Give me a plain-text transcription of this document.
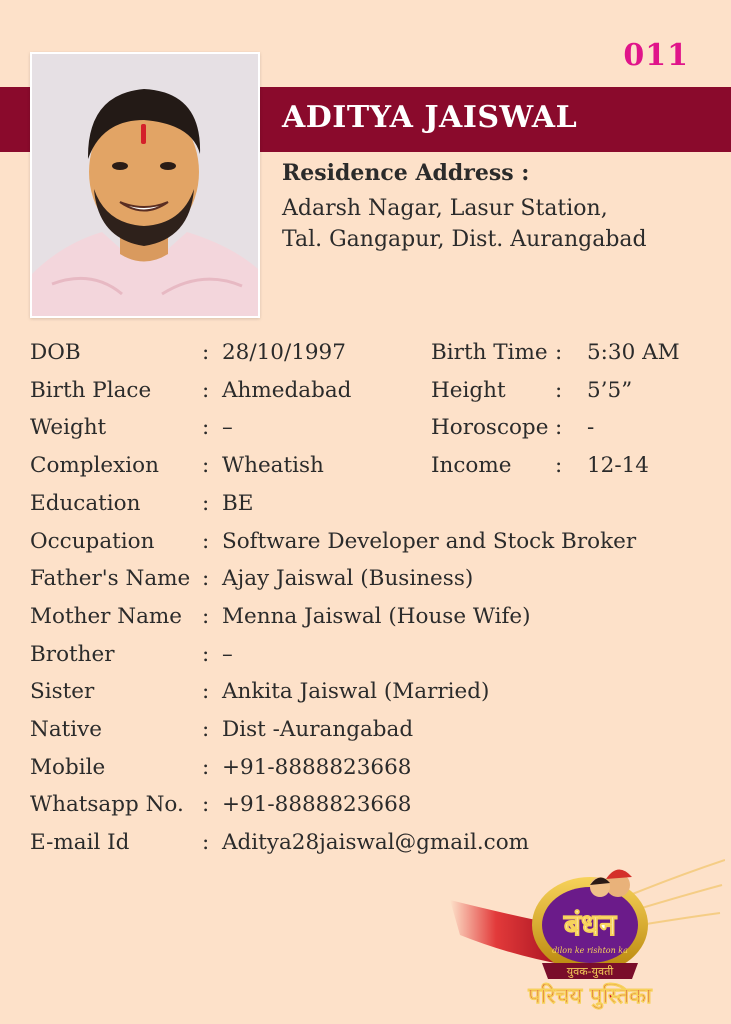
011
ADITYA JAISWAL
Residence Address :
Adarsh Nagar, Lasur Station,
Tal. Gangapur, Dist. Aurangabad
DOB	: 28/10/1997	Birth Time : 5:30 AM
Birth Place : Ahmedabad	Height : 5’5”
Weight	: –	Horoscope : -
Complexion : Wheatish	Income : 12-14
Education	: BE
Occupation : Software Developer and Stock Broker
Father's Name : Ajay Jaiswal (Business)
Mother Name : Menna Jaiswal (House Wife)
Brother	: –
Sister	: Ankita Jaiswal (Married)
Native	: Dist -Aurangabad
Mobile	: +91-8888823668
Whatsapp No. : +91-8888823668
E-mail Id	: Aditya28jaiswal@gmail.com
बंधन
dilon ke rishton ka
युवक-युवती
परिचय पुस्तिका
